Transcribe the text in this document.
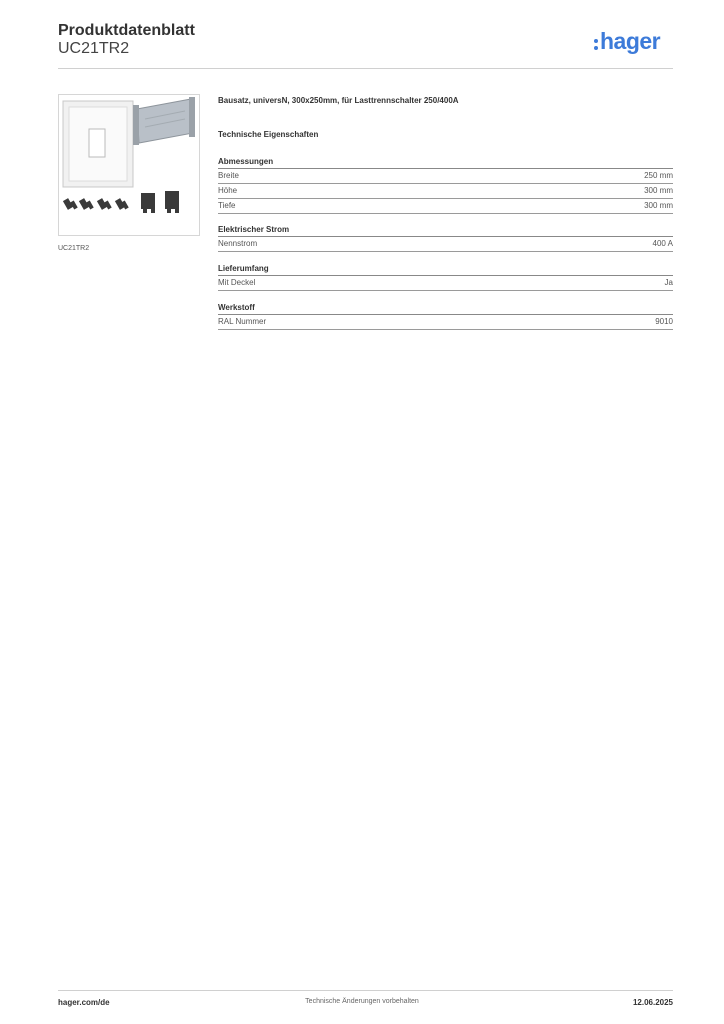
Produktdatenblatt
UC21TR2	hager
UC21TR2
Bausatz, universN, 300x250mm, für Lasttrennschalter 250/400A
Technische Eigenschaften
Abmessungen
Breite	250 mm
Höhe	300 mm
Tiefe	300 mm
Elektrischer Strom
Nennstrom	400 A
Lieferumfang
Mit Deckel	Ja
Werkstoff
RAL Nummer	9010
hager.com/de	Technische Änderungen vorbehalten	12.06.2025
